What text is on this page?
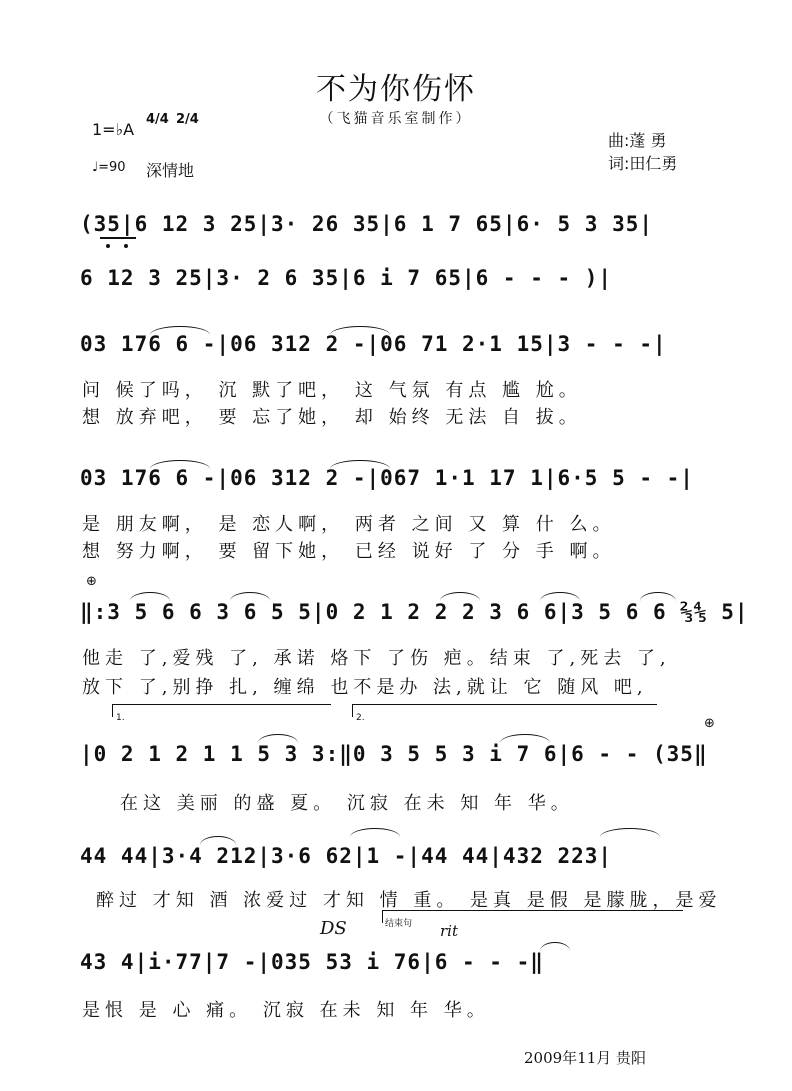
不为你伤怀
（飞猫音乐室制作）
1=♭A
4/4 2/4
♩=90 深情地
曲:蓬 勇
词:田仁勇
(35|6 12 3 25|3· 26 35|6 1 7 65|6· 5 3 35|
6 12 3 25|3· 2 6 35|6 i 7 65|6 - - - )|
03 176 6 -|06 312 2 -|06 71 2·1 15|3 - - -|
问 候了吗， 沉 默了吧， 这 气氛 有点 尴 尬。
想 放弃吧， 要 忘了她， 却 始终 无法 自 拔。
03 176 6 -|06 312 2 -|067 1·1 17 1|6·5 5 - -|
是 朋友啊， 是 恋人啊， 两者 之间 又 算 什 么。
想 努力啊， 要 留下她， 已经 说好 了 分 手 啊。
⊕
‖:3 5 6 6 3 6 5 5|0 2 1 2 2 2 3 6 6|3 5 6 6 ⅔⅘ 5|
他走 了,爱残 了, 承诺 烙下 了伤 疤。结束 了,死去 了,
放下 了,别挣 扎, 缠绵 也不是办 法,就让 它 随风 吧,
1.	2.
|0 2 1 2 1 1 5 3 3:‖0 3 5 5 3 i 7 6|6 - - (35‖
⊕
在这 美丽 的盛 夏。 沉寂 在未 知 年 华。
44 44|3·4 212|3·6 62|1 -|44 44|432 223|
醉过 才知 酒 浓爱过 才知 情 重。 是真 是假 是朦胧，是爱
DS	rit
结束句
43 4|i·77|7 -|035 53 i 76|6 - - -‖
是恨 是 心 痛。 沉寂 在未 知 年 华。
2009年11月 贵阳
